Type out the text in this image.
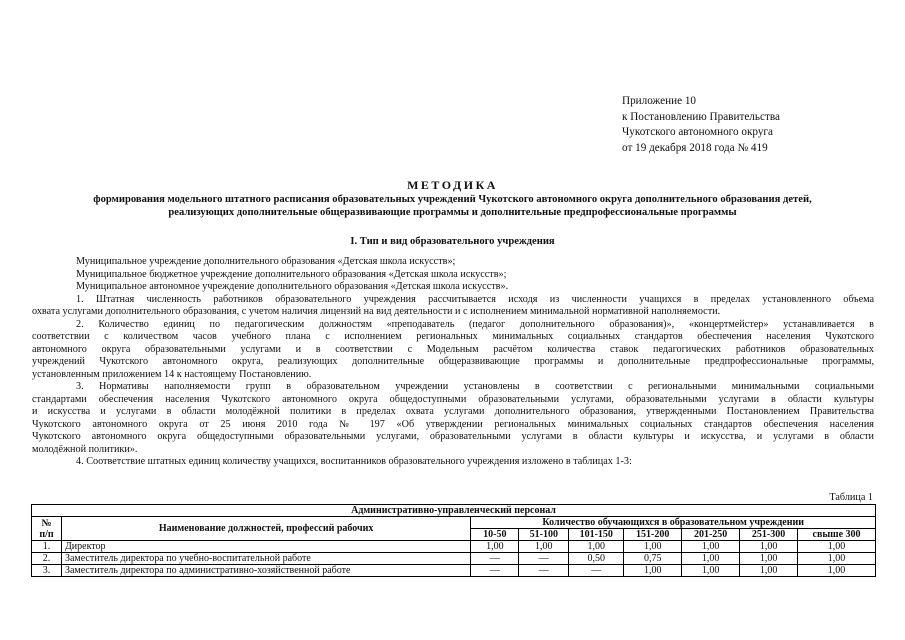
Приложение 10
к Постановлению Правительства
Чукотского автономного округа
от 19 декабря 2018 года № 419
МЕТОДИКА
формирования модельного штатного расписания образовательных учреждений Чукотского автономного округа дополнительного образования детей,
реализующих дополнительные общеразвивающие программы и дополнительные предпрофессиональные программы
I. Тип и вид образовательного учреждения
Муниципальное учреждение дополнительного образования «Детская школа искусств»;
Муниципальное бюджетное учреждение дополнительного образования «Детская школа искусств»;
Муниципальное автономное учреждение дополнительного образования «Детская школа искусств».
1. Штатная численность работников образовательного учреждения рассчитывается исходя из численности учащихся в пределах установленного объема
охвата услугами дополнительного образования, с учетом наличия лицензий на вид деятельности и с исполнением минимальной нормативной наполняемости.
2. Количество единиц по педагогическим должностям «преподаватель (педагог дополнительного образования)», «концертмейстер» устанавливается в
соответствии с количеством часов учебного плана с исполнением региональных минимальных социальных стандартов обеспечения населения Чукотского
автономного округа образовательными услугами и в соответствии с Модельным расчётом количества ставок педагогических работников образовательных
учреждений Чукотского автономного округа, реализующих дополнительные общеразвивающие программы и дополнительные предпрофессиональные программы,
установленным приложением 14 к настоящему Постановлению.
3. Нормативы наполняемости групп в образовательном учреждении установлены в соответствии с региональными минимальными социальными
стандартами обеспечения населения Чукотского автономного округа общедоступными образовательными услугами, образовательными услугами в области культуры
и искусства и услугами в области молодёжной политики в пределах охвата услугами дополнительного образования, утвержденными Постановлением Правительства
Чукотского автономного округа от 25 июня 2010 года № 197 «Об утверждении региональных минимальных социальных стандартов обеспечения населения
Чукотского автономного округа общедоступными образовательными услугами, образовательными услугами в области культуры и искусства, и услугами в области
молодёжной политики».
4. Соответствие штатных единиц количеству учащихся, воспитанников образовательного учреждения изложено в таблицах 1-3:
Таблица 1
Административно-управленческий персонал								

№
п/п	Наименование должностей, профессий рабочих	Количество обучающихся в образовательном учреждении						
		10-50	51-100	101-150	151-200	201-250	251-300	свыше 300
1.	Директор	1,00	1,00	1,00	1,00	1,00	1,00	1,00
2.	Заместитель директора по учебно-воспитательной работе	—	—	0,50	0,75	1,00	1,00	1,00
3.	Заместитель директора по административно-хозяйственной работе	—	—	—	1,00	1,00	1,00	1,00
